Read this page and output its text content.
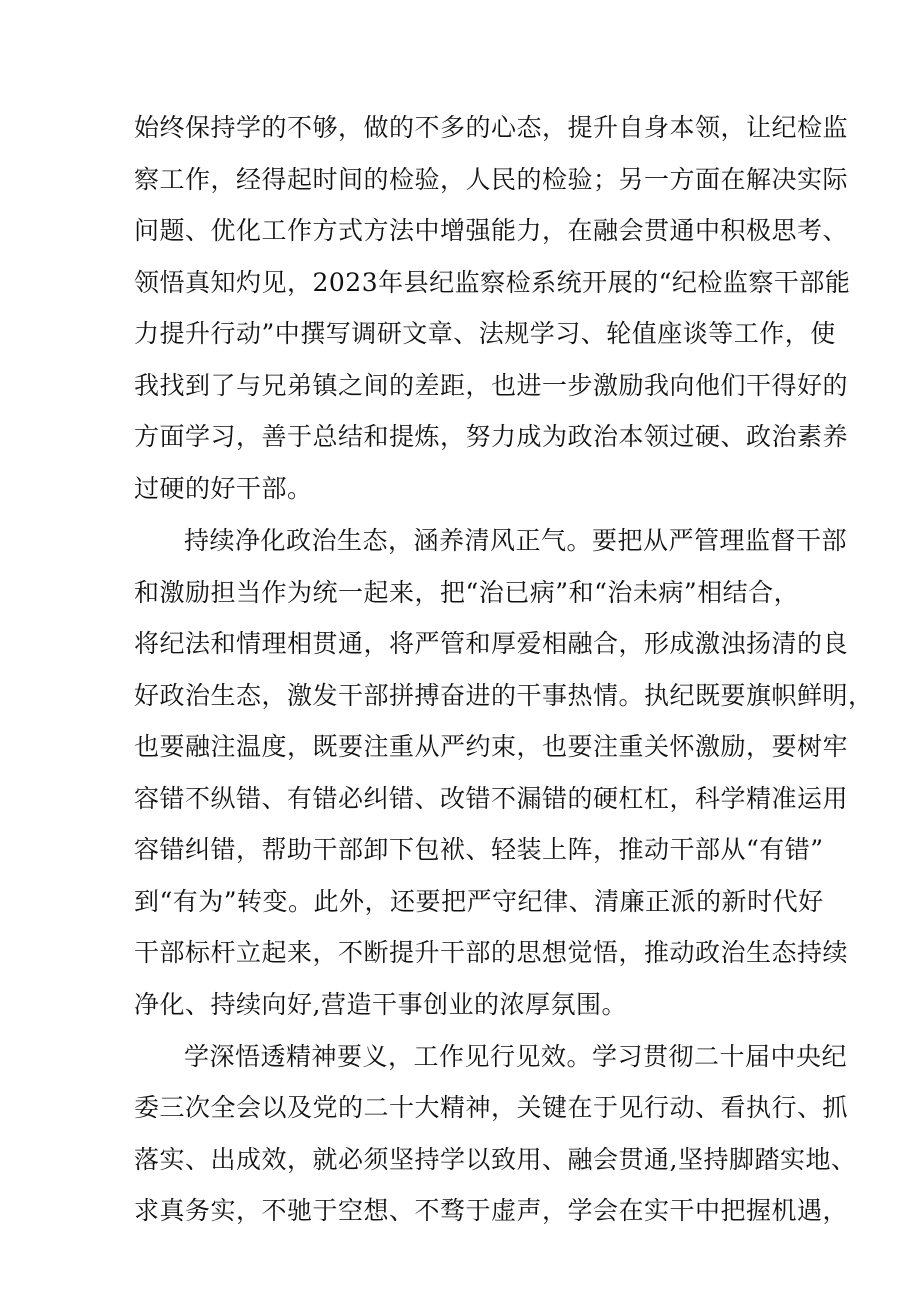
始终保持学的不够，做的不多的心态，提升自身本领，让纪检监
察工作，经得起时间的检验，人民的检验；另一方面在解决实际
问题、优化工作方式方法中增强能力，在融会贯通中积极思考、
领悟真知灼见，2023年县纪监察检系统开展的“纪检监察干部能
力提升行动”中撰写调研文章、法规学习、轮值座谈等工作，使
我找到了与兄弟镇之间的差距，也进一步激励我向他们干得好的
方面学习，善于总结和提炼，努力成为政治本领过硬、政治素养
过硬的好干部。
持续净化政治生态，涵养清风正气。要把从严管理监督干部
和激励担当作为统一起来，把“治已病”和“治未病”相结合，
将纪法和情理相贯通，将严管和厚爱相融合，形成激浊扬清的良
好政治生态，激发干部拼搏奋进的干事热情。执纪既要旗帜鲜明，
也要融注温度，既要注重从严约束，也要注重关怀激励，要树牢
容错不纵错、有错必纠错、改错不漏错的硬杠杠，科学精准运用
容错纠错，帮助干部卸下包袱、轻装上阵，推动干部从“有错”
到“有为”转变。此外，还要把严守纪律、清廉正派的新时代好
干部标杆立起来，不断提升干部的思想觉悟，推动政治生态持续
净化、持续向好,营造干事创业的浓厚氛围。
学深悟透精神要义，工作见行见效。学习贯彻二十届中央纪
委三次全会以及党的二十大精神，关键在于见行动、看执行、抓
落实、出成效，就必须坚持学以致用、融会贯通,坚持脚踏实地、
求真务实，不驰于空想、不骛于虚声，学会在实干中把握机遇，
